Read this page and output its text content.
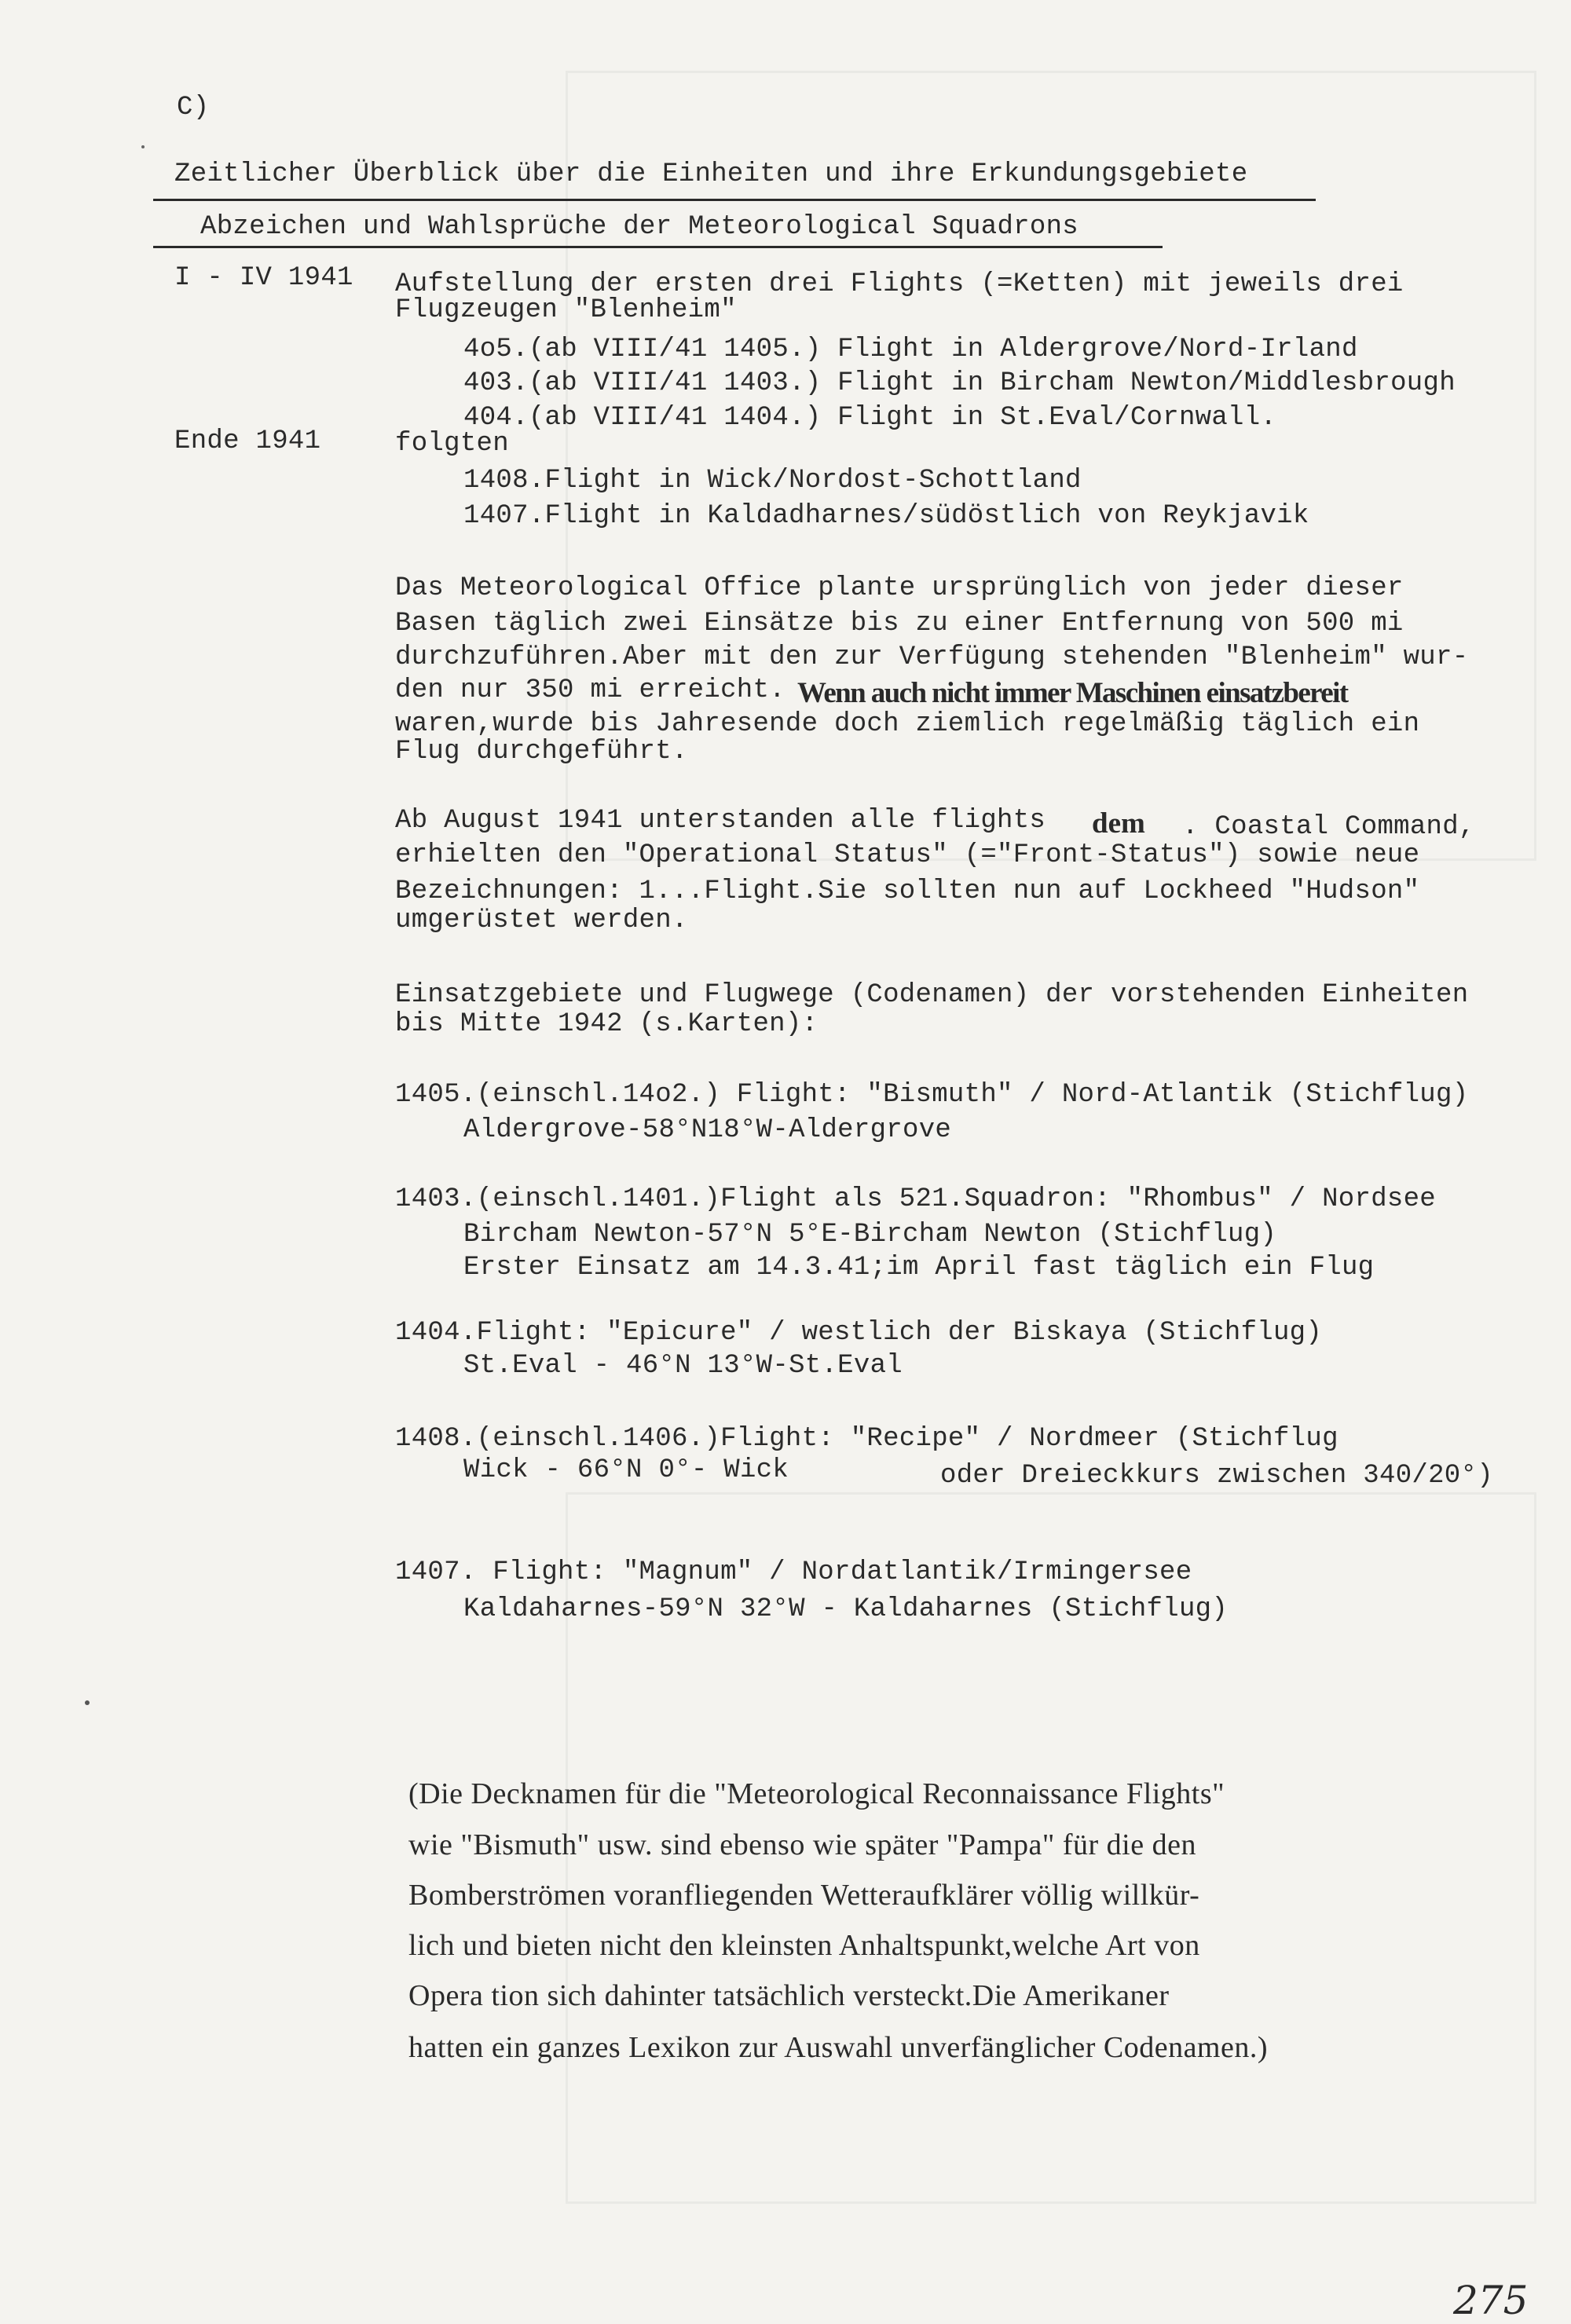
C)
Zeitlicher Überblick über die Einheiten und ihre Erkundungsgebiete
Abzeichen und Wahlsprüche der Meteorological Squadrons
I - IV 1941 Aufstellung der ersten drei Flights (=Ketten) mit jeweils drei
Flugzeugen "Blenheim"
4o5.(ab VIII/41 1405.) Flight in Aldergrove/Nord-Irland
403.(ab VIII/41 1403.) Flight in Bircham Newton/Middlesbrough
404.(ab VIII/41 1404.) Flight in St.Eval/Cornwall.
Ende 1941	folgten
1408.Flight in Wick/Nordost-Schottland
1407.Flight in Kaldadharnes/südöstlich von Reykjavik
Das Meteorological Office plante ursprünglich von jeder dieser
Basen täglich zwei Einsätze bis zu einer Entfernung von 500 mi
durchzuführen.Aber mit den zur Verfügung stehenden "Blenheim" wur-
den nur 350 mi erreicht. Wenn auch nicht immer Maschinen einsatzbereit
waren,wurde bis Jahresende doch ziemlich regelmäßig täglich ein
Flug durchgeführt.
Ab August 1941 unterstanden alle flights dem . Coastal Command,
erhielten den "Operational Status" (="Front-Status") sowie neue
Bezeichnungen: 1...Flight.Sie sollten nun auf Lockheed "Hudson"
umgerüstet werden.
Einsatzgebiete und Flugwege (Codenamen) der vorstehenden Einheiten
bis Mitte 1942 (s.Karten):
1405.(einschl.14o2.) Flight: "Bismuth" / Nord-Atlantik (Stichflug)
Aldergrove-58°N18°W-Aldergrove
1403.(einschl.1401.)Flight als 521.Squadron: "Rhombus" / Nordsee
Bircham Newton-57°N 5°E-Bircham Newton (Stichflug)
Erster Einsatz am 14.3.41;im April fast täglich ein Flug
1404.Flight: "Epicure" / westlich der Biskaya (Stichflug)
St.Eval - 46°N 13°W-St.Eval
1408.(einschl.1406.)Flight: "Recipe" / Nordmeer (Stichflug
Wick - 66°N 0°- Wick	oder Dreieckkurs zwischen 340/20°)
1407. Flight: "Magnum" / Nordatlantik/Irmingersee
Kaldaharnes-59°N 32°W - Kaldaharnes (Stichflug)
(Die Decknamen für die "Meteorological Reconnaissance Flights"
wie "Bismuth" usw. sind ebenso wie später "Pampa" für die den
Bomberströmen voranfliegenden Wetteraufklärer völlig willkür-
lich und bieten nicht den kleinsten Anhaltspunkt,welche Art von
Opera tion sich dahinter tatsächlich versteckt.Die Amerikaner
hatten ein ganzes Lexikon zur Auswahl unverfänglicher Codenamen.)
275
